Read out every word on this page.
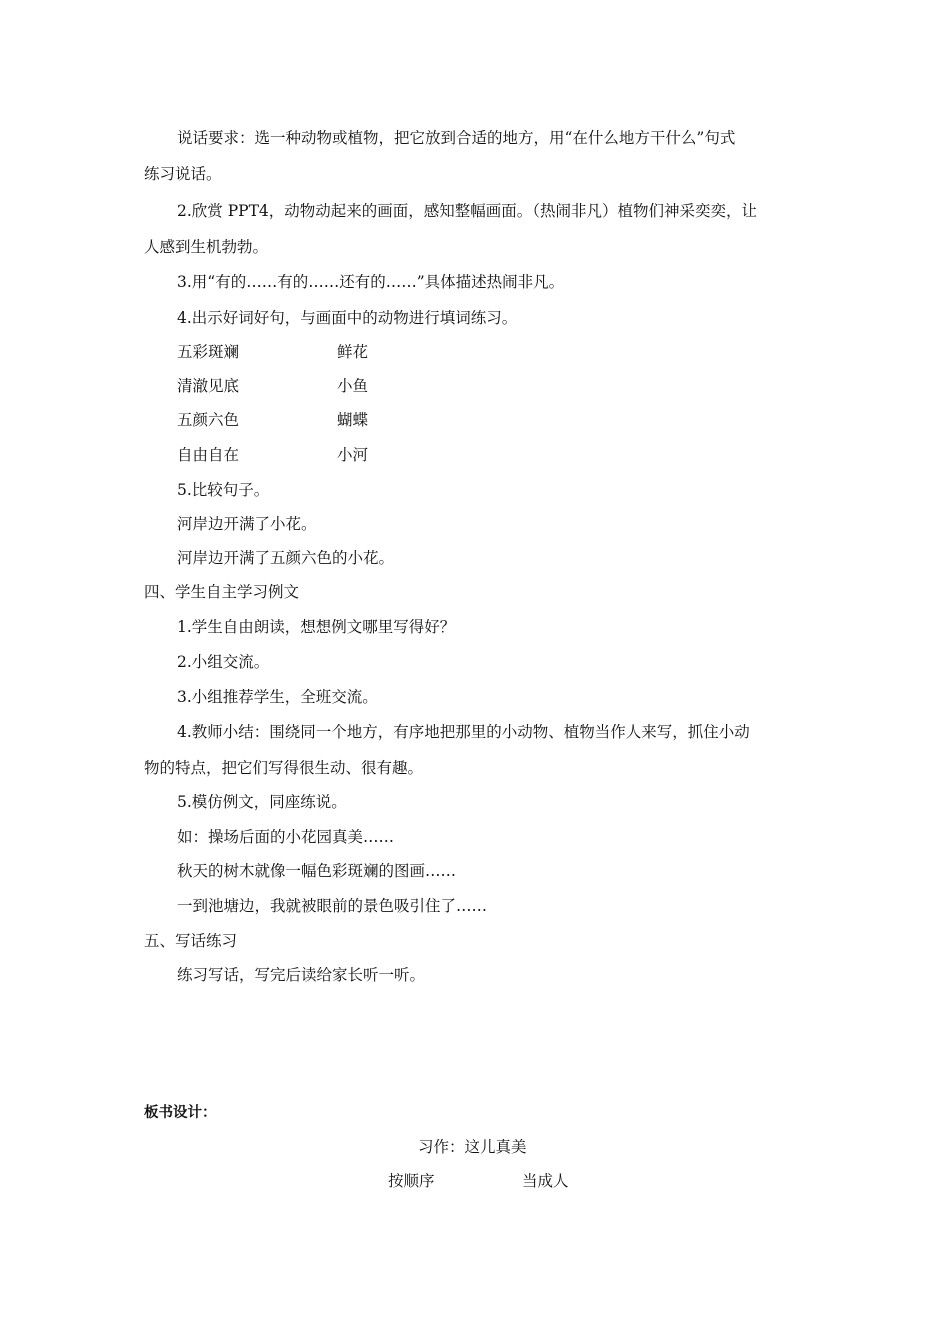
说话要求：选一种动物或植物，把它放到合适的地方，用“在什么地方干什么”句式
练习说话。
2.欣赏 PPT4，动物动起来的画面，感知整幅画面。（热闹非凡）植物们神采奕奕，让
人感到生机勃勃。
3.用“有的……有的……还有的……”具体描述热闹非凡。
4.出示好词好句，与画面中的动物进行填词练习。
五彩斑斓	鲜花
清澈见底	小鱼
五颜六色	蝴蝶
自由自在	小河
5.比较句子。
河岸边开满了小花。
河岸边开满了五颜六色的小花。
四、学生自主学习例文
1.学生自由朗读，想想例文哪里写得好？
2.小组交流。
3.小组推荐学生，全班交流。
4.教师小结：围绕同一个地方，有序地把那里的小动物、植物当作人来写，抓住小动
物的特点，把它们写得很生动、很有趣。
5.模仿例文，同座练说。
如：操场后面的小花园真美……
秋天的树木就像一幅色彩斑斓的图画……
一到池塘边，我就被眼前的景色吸引住了……
五、写话练习
练习写话，写完后读给家长听一听。
板书设计：
习作：这儿真美
按顺序	当成人
